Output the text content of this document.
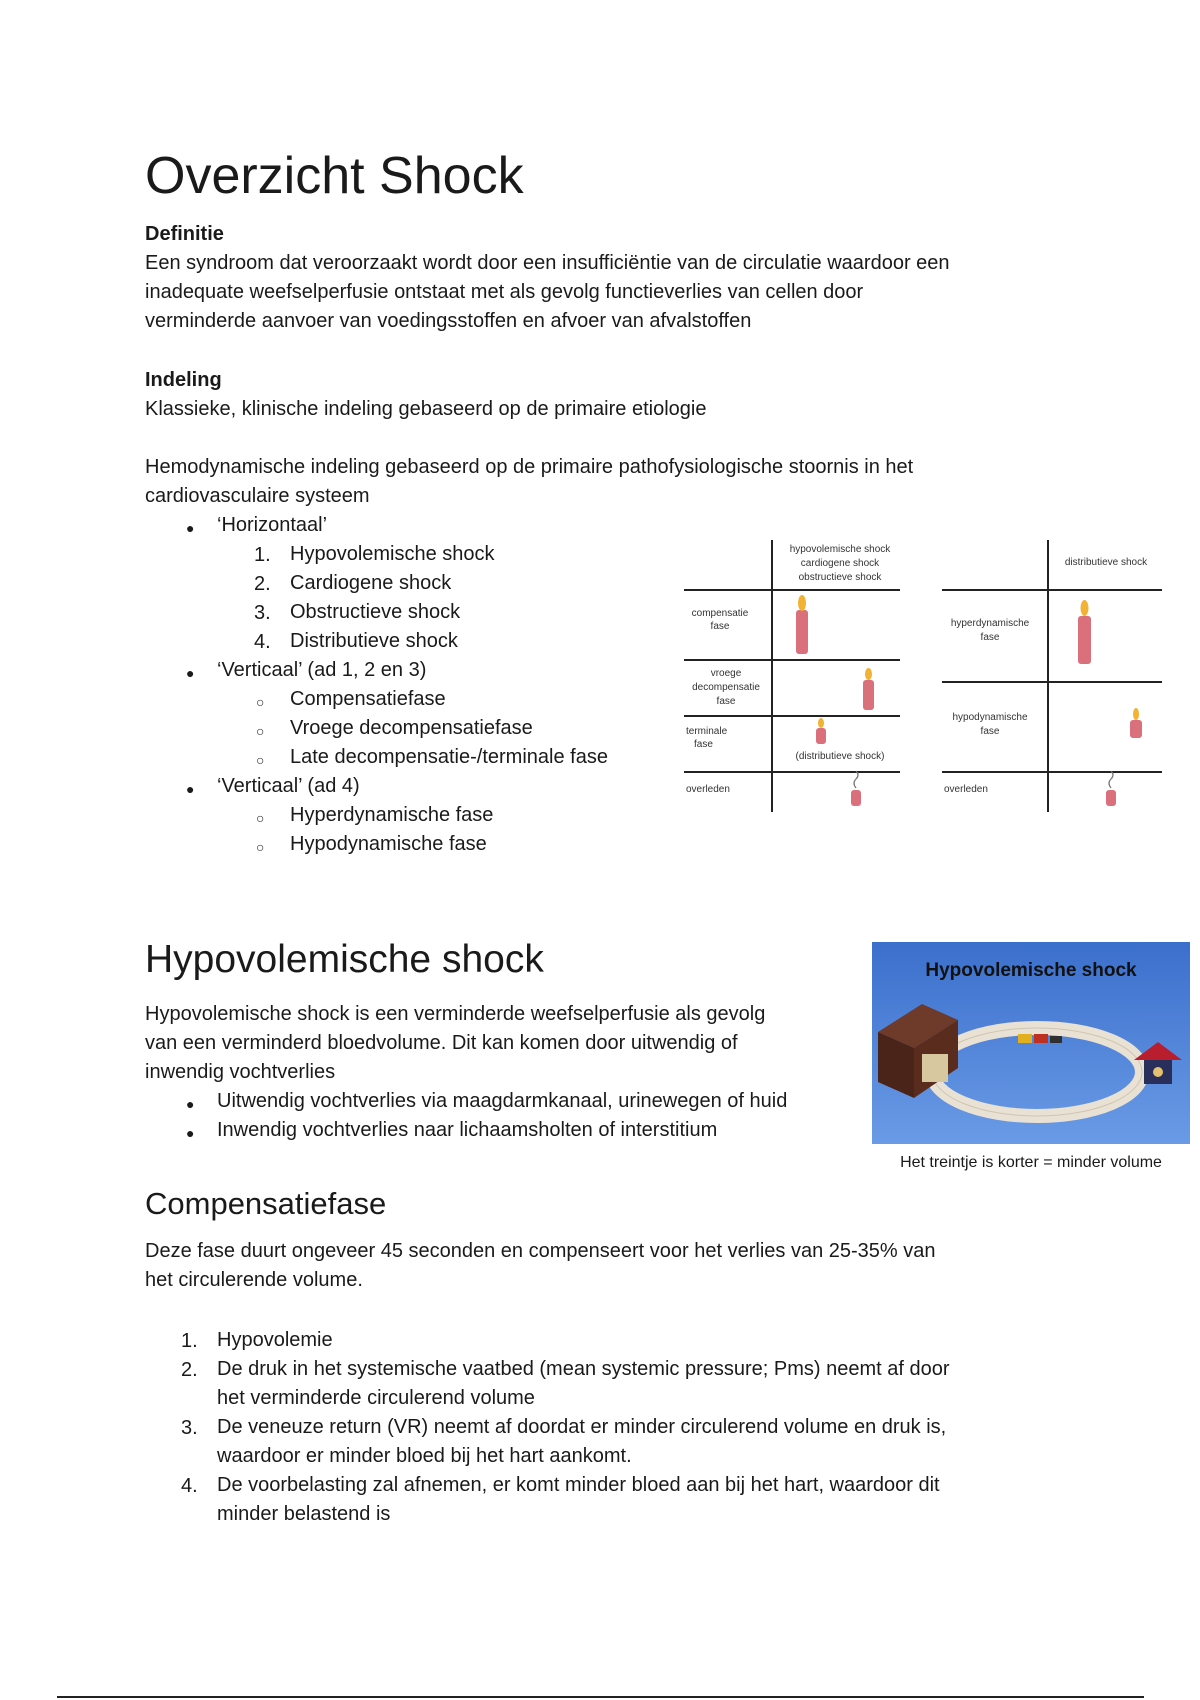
Overzicht Shock
Definitie
Een syndroom dat veroorzaakt wordt door een insufficiëntie van de circulatie waardoor een
inadequate weefselperfusie ontstaat met als gevolg functieverlies van cellen door
verminderde aanvoer van voedingsstoffen en afvoer van afvalstoffen
Indeling
Klassieke, klinische indeling gebaseerd op de primaire etiologie
Hemodynamische indeling gebaseerd op de primaire pathofysiologische stoornis in het
cardiovasculaire systeem
● ‘Horizontaal’
1. Hypovolemische shock
2. Cardiogene shock
3. Obstructieve shock
4. Distributieve shock
● ‘Verticaal’ (ad 1, 2 en 3)
○ Compensatiefase
○ Vroege decompensatiefase
○ Late decompensatie-/terminale fase
● ‘Verticaal’ (ad 4)
○ Hyperdynamische fase
○ Hypodynamische fase
hypovolemische shock
cardiogene shock
obstructieve shock
compensatie
fase
vroege
decompensatie
fase
terminale
fase
overleden
(distributieve shock)
distributieve shock
hyperdynamische
fase
hypodynamische
fase
overleden
Hypovolemische shock
Hypovolemische shock is een verminderde weefselperfusie als gevolg
van een verminderd bloedvolume. Dit kan komen door uitwendig of
inwendig vochtverlies
● Uitwendig vochtverlies via maagdarmkanaal, urinewegen of huid
● Inwendig vochtverlies naar lichaamsholten of interstitium
Hypovolemische shock
Het treintje is korter = minder volume
Compensatiefase
Deze fase duurt ongeveer 45 seconden en compenseert voor het verlies van 25-35% van
het circulerende volume.
1. Hypovolemie
2. De druk in het systemische vaatbed (mean systemic pressure; Pms) neemt af door
het verminderde circulerend volume
3. De veneuze return (VR) neemt af doordat er minder circulerend volume en druk is,
waardoor er minder bloed bij het hart aankomt.
4. De voorbelasting zal afnemen, er komt minder bloed aan bij het hart, waardoor dit
minder belastend is
